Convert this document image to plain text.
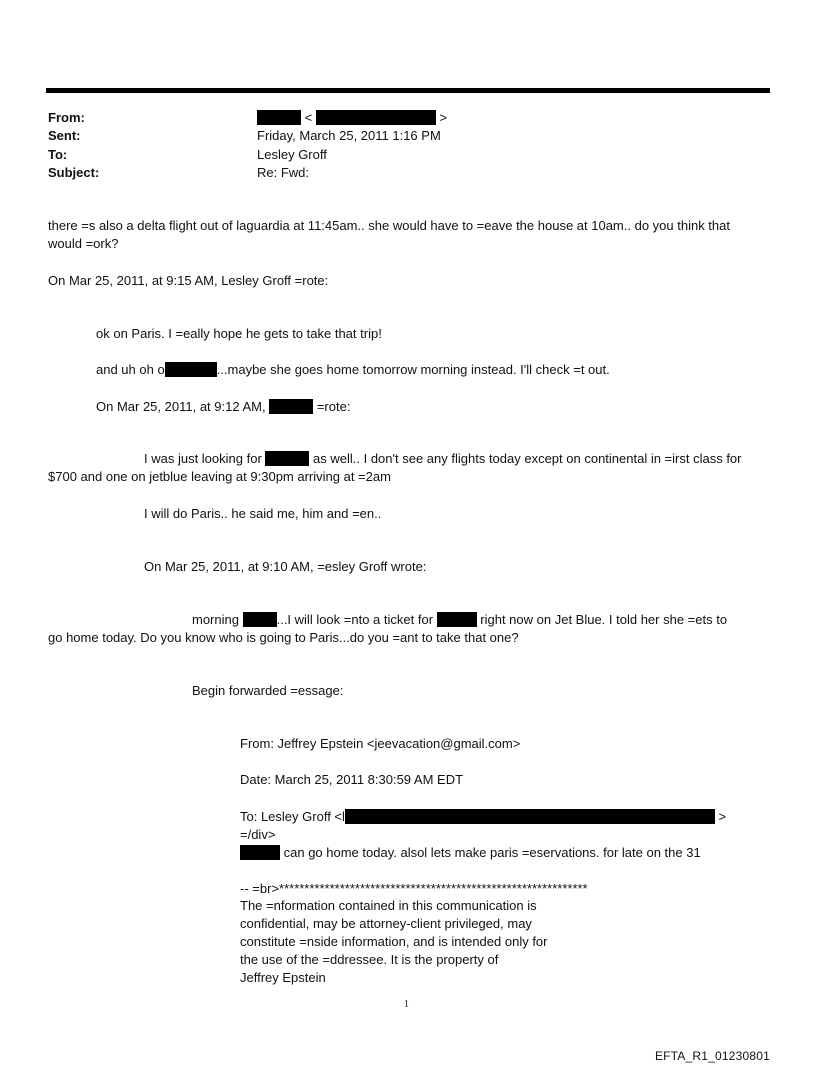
From:	<	>
Sent:	Friday, March 25, 2011 1:16 PM
To:	Lesley Groff
Subject:	Re: Fwd:
there =s also a delta flight out of laguardia at 11:45am.. she would have to =eave the house at 10am.. do you think that
would =ork?
On Mar 25, 2011, at 9:15 AM, Lesley Groff =rote:
ok on Paris. I =eally hope he gets to take that trip!
and uh oh o	...maybe she goes home tomorrow morning instead. I'll check =t out.
On Mar 25, 2011, at 9:12 AM,	=rote:
I was just looking for	as well.. I don't see any flights today except on continental in =irst class for
$700 and one on jetblue leaving at 9:30pm arriving at =2am
I will do Paris.. he said me, him and =en..
On Mar 25, 2011, at 9:10 AM, =esley Groff wrote:
morning	...I will look =nto a ticket for	right now on Jet Blue. I told her she =ets to
go home today. Do you know who is going to Paris...do you =ant to take that one?
Begin forwarded =essage:
From: Jeffrey Epstein <jeevacation@gmail.com>
Date: March 25, 2011 8:30:59 AM EDT
To: Lesley Groff <l	>
=/div>
can go home today. alsol lets make paris =eservations. for late on the 31
-- =br>*************************************************************
The =nformation contained in this communication is
confidential, may be attorney-client privileged, may
constitute =nside information, and is intended only for
the use of the =ddressee. It is the property of
Jeffrey Epstein
1
EFTA_R1_01230801
